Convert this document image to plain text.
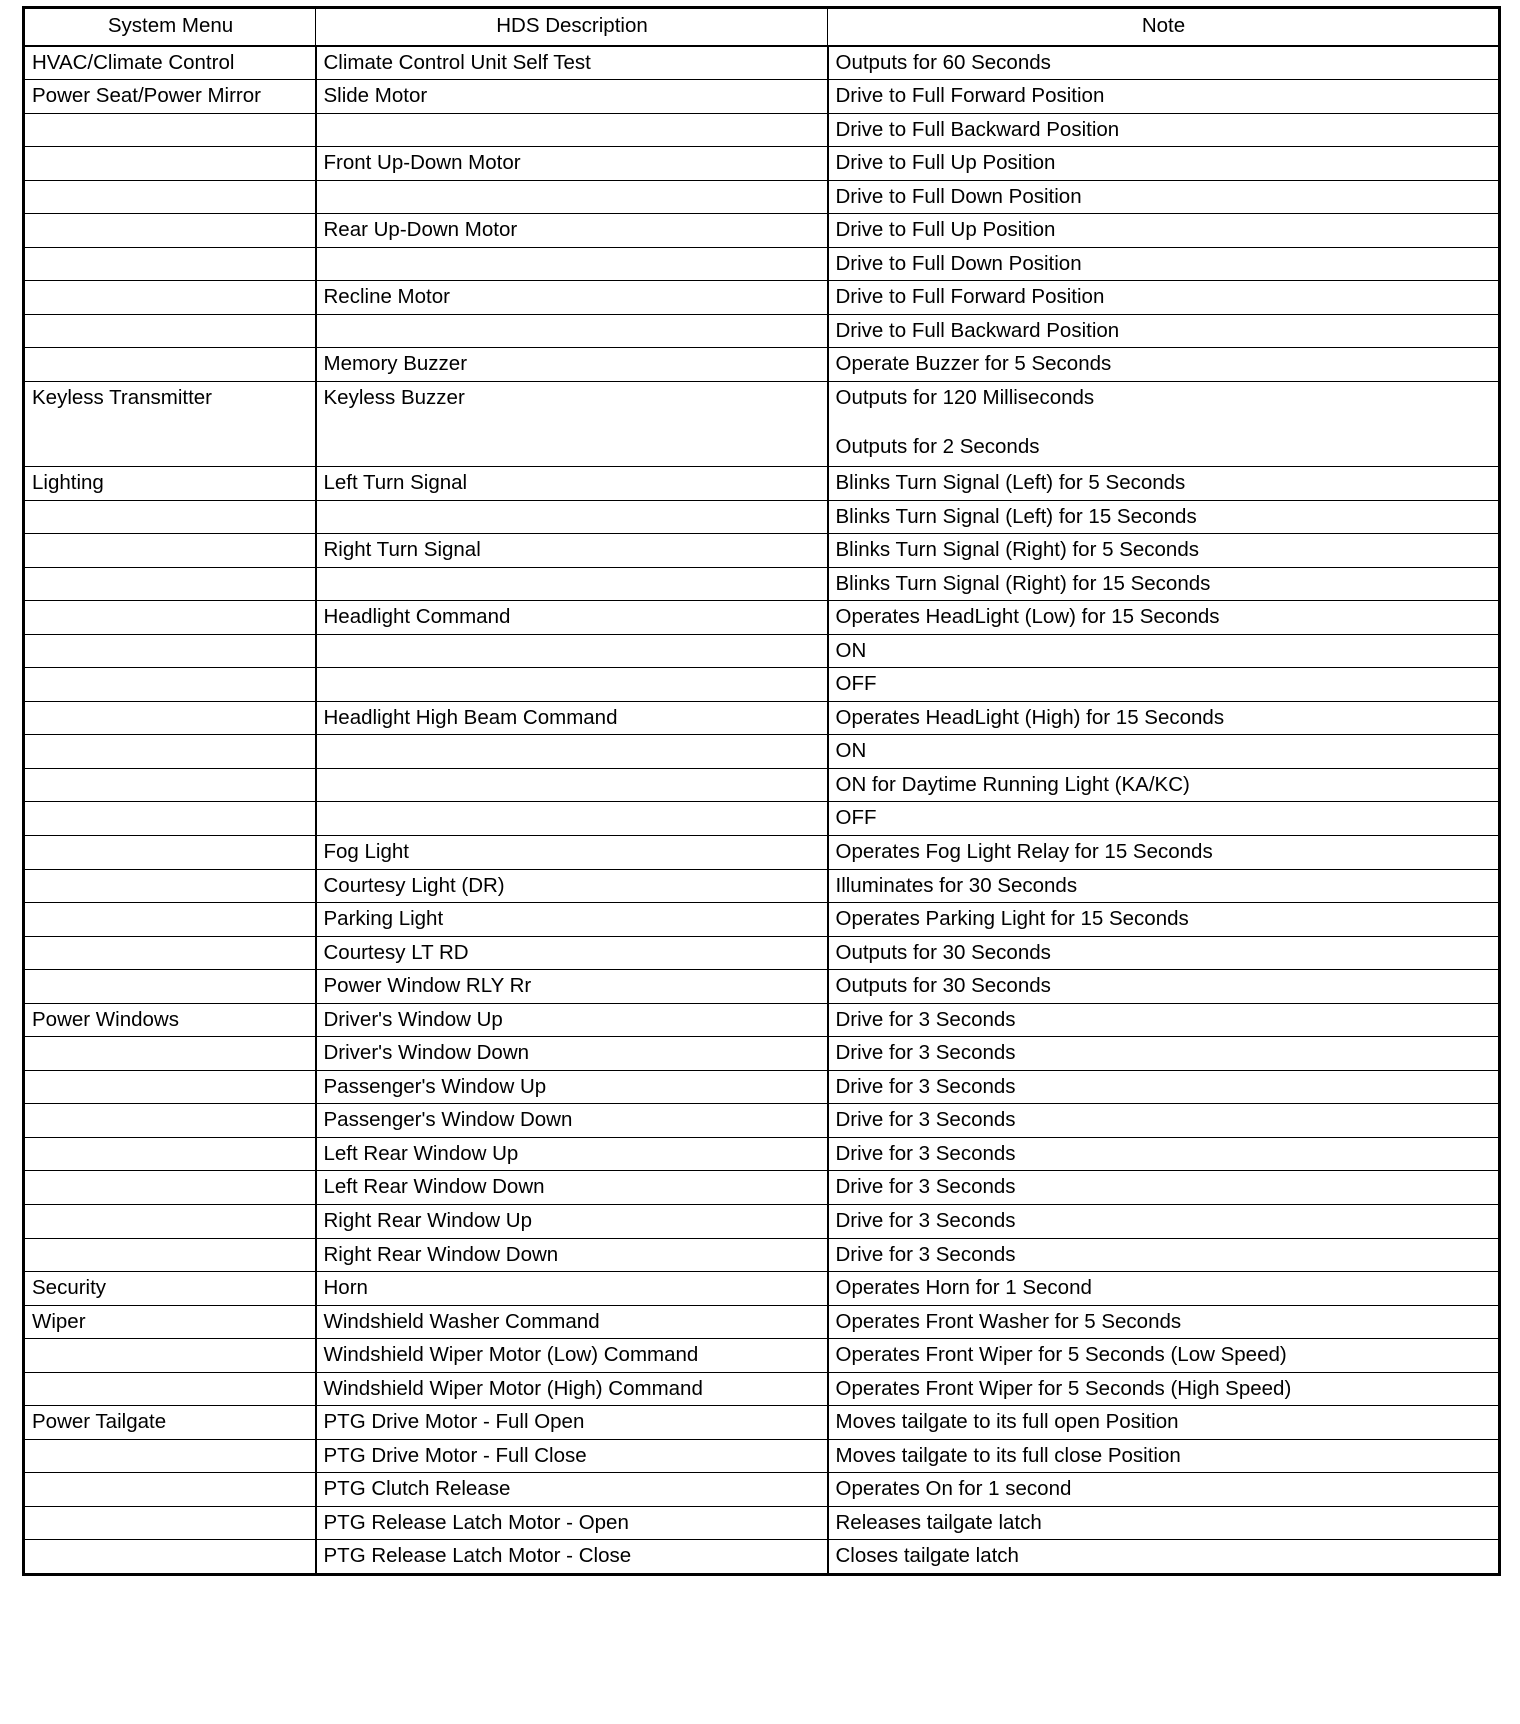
System Menu	HDS Description	Note
HVAC/Climate Control	Climate Control Unit Self Test	Outputs for 60 Seconds
Power Seat/Power Mirror	Slide Motor	Drive to Full Forward Position
		Drive to Full Backward Position
	Front Up-Down Motor	Drive to Full Up Position
		Drive to Full Down Position
	Rear Up-Down Motor	Drive to Full Up Position
		Drive to Full Down Position
	Recline Motor	Drive to Full Forward Position
		Drive to Full Backward Position
	Memory Buzzer	Operate Buzzer for 5 Seconds
Keyless Transmitter	Keyless Buzzer	Outputs for 120 Milliseconds
Outputs for 2 Seconds

Lighting	Left Turn Signal	Blinks Turn Signal (Left) for 5 Seconds
		Blinks Turn Signal (Left) for 15 Seconds
	Right Turn Signal	Blinks Turn Signal (Right) for 5 Seconds
		Blinks Turn Signal (Right) for 15 Seconds
	Headlight Command	Operates HeadLight (Low) for 15 Seconds
		ON
		OFF
	Headlight High Beam Command	Operates HeadLight (High) for 15 Seconds
		ON
		ON for Daytime Running Light (KA/KC)
		OFF
	Fog Light	Operates Fog Light Relay for 15 Seconds
	Courtesy Light (DR)	Illuminates for 30 Seconds
	Parking Light	Operates Parking Light for 15 Seconds
	Courtesy LT RD	Outputs for 30 Seconds
	Power Window RLY Rr	Outputs for 30 Seconds
Power Windows	Driver's Window Up	Drive for 3 Seconds
	Driver's Window Down	Drive for 3 Seconds
	Passenger's Window Up	Drive for 3 Seconds
	Passenger's Window Down	Drive for 3 Seconds
	Left Rear Window Up	Drive for 3 Seconds
	Left Rear Window Down	Drive for 3 Seconds
	Right Rear Window Up	Drive for 3 Seconds
	Right Rear Window Down	Drive for 3 Seconds
Security	Horn	Operates Horn for 1 Second
Wiper	Windshield Washer Command	Operates Front Washer for 5 Seconds
	Windshield Wiper Motor (Low) Command	Operates Front Wiper for 5 Seconds (Low Speed)
	Windshield Wiper Motor (High) Command	Operates Front Wiper for 5 Seconds (High Speed)
Power Tailgate	PTG Drive Motor - Full Open	Moves tailgate to its full open Position
	PTG Drive Motor - Full Close	Moves tailgate to its full close Position
	PTG Clutch Release	Operates On for 1 second
	PTG Release Latch Motor - Open	Releases tailgate latch
	PTG Release Latch Motor - Close	Closes tailgate latch
